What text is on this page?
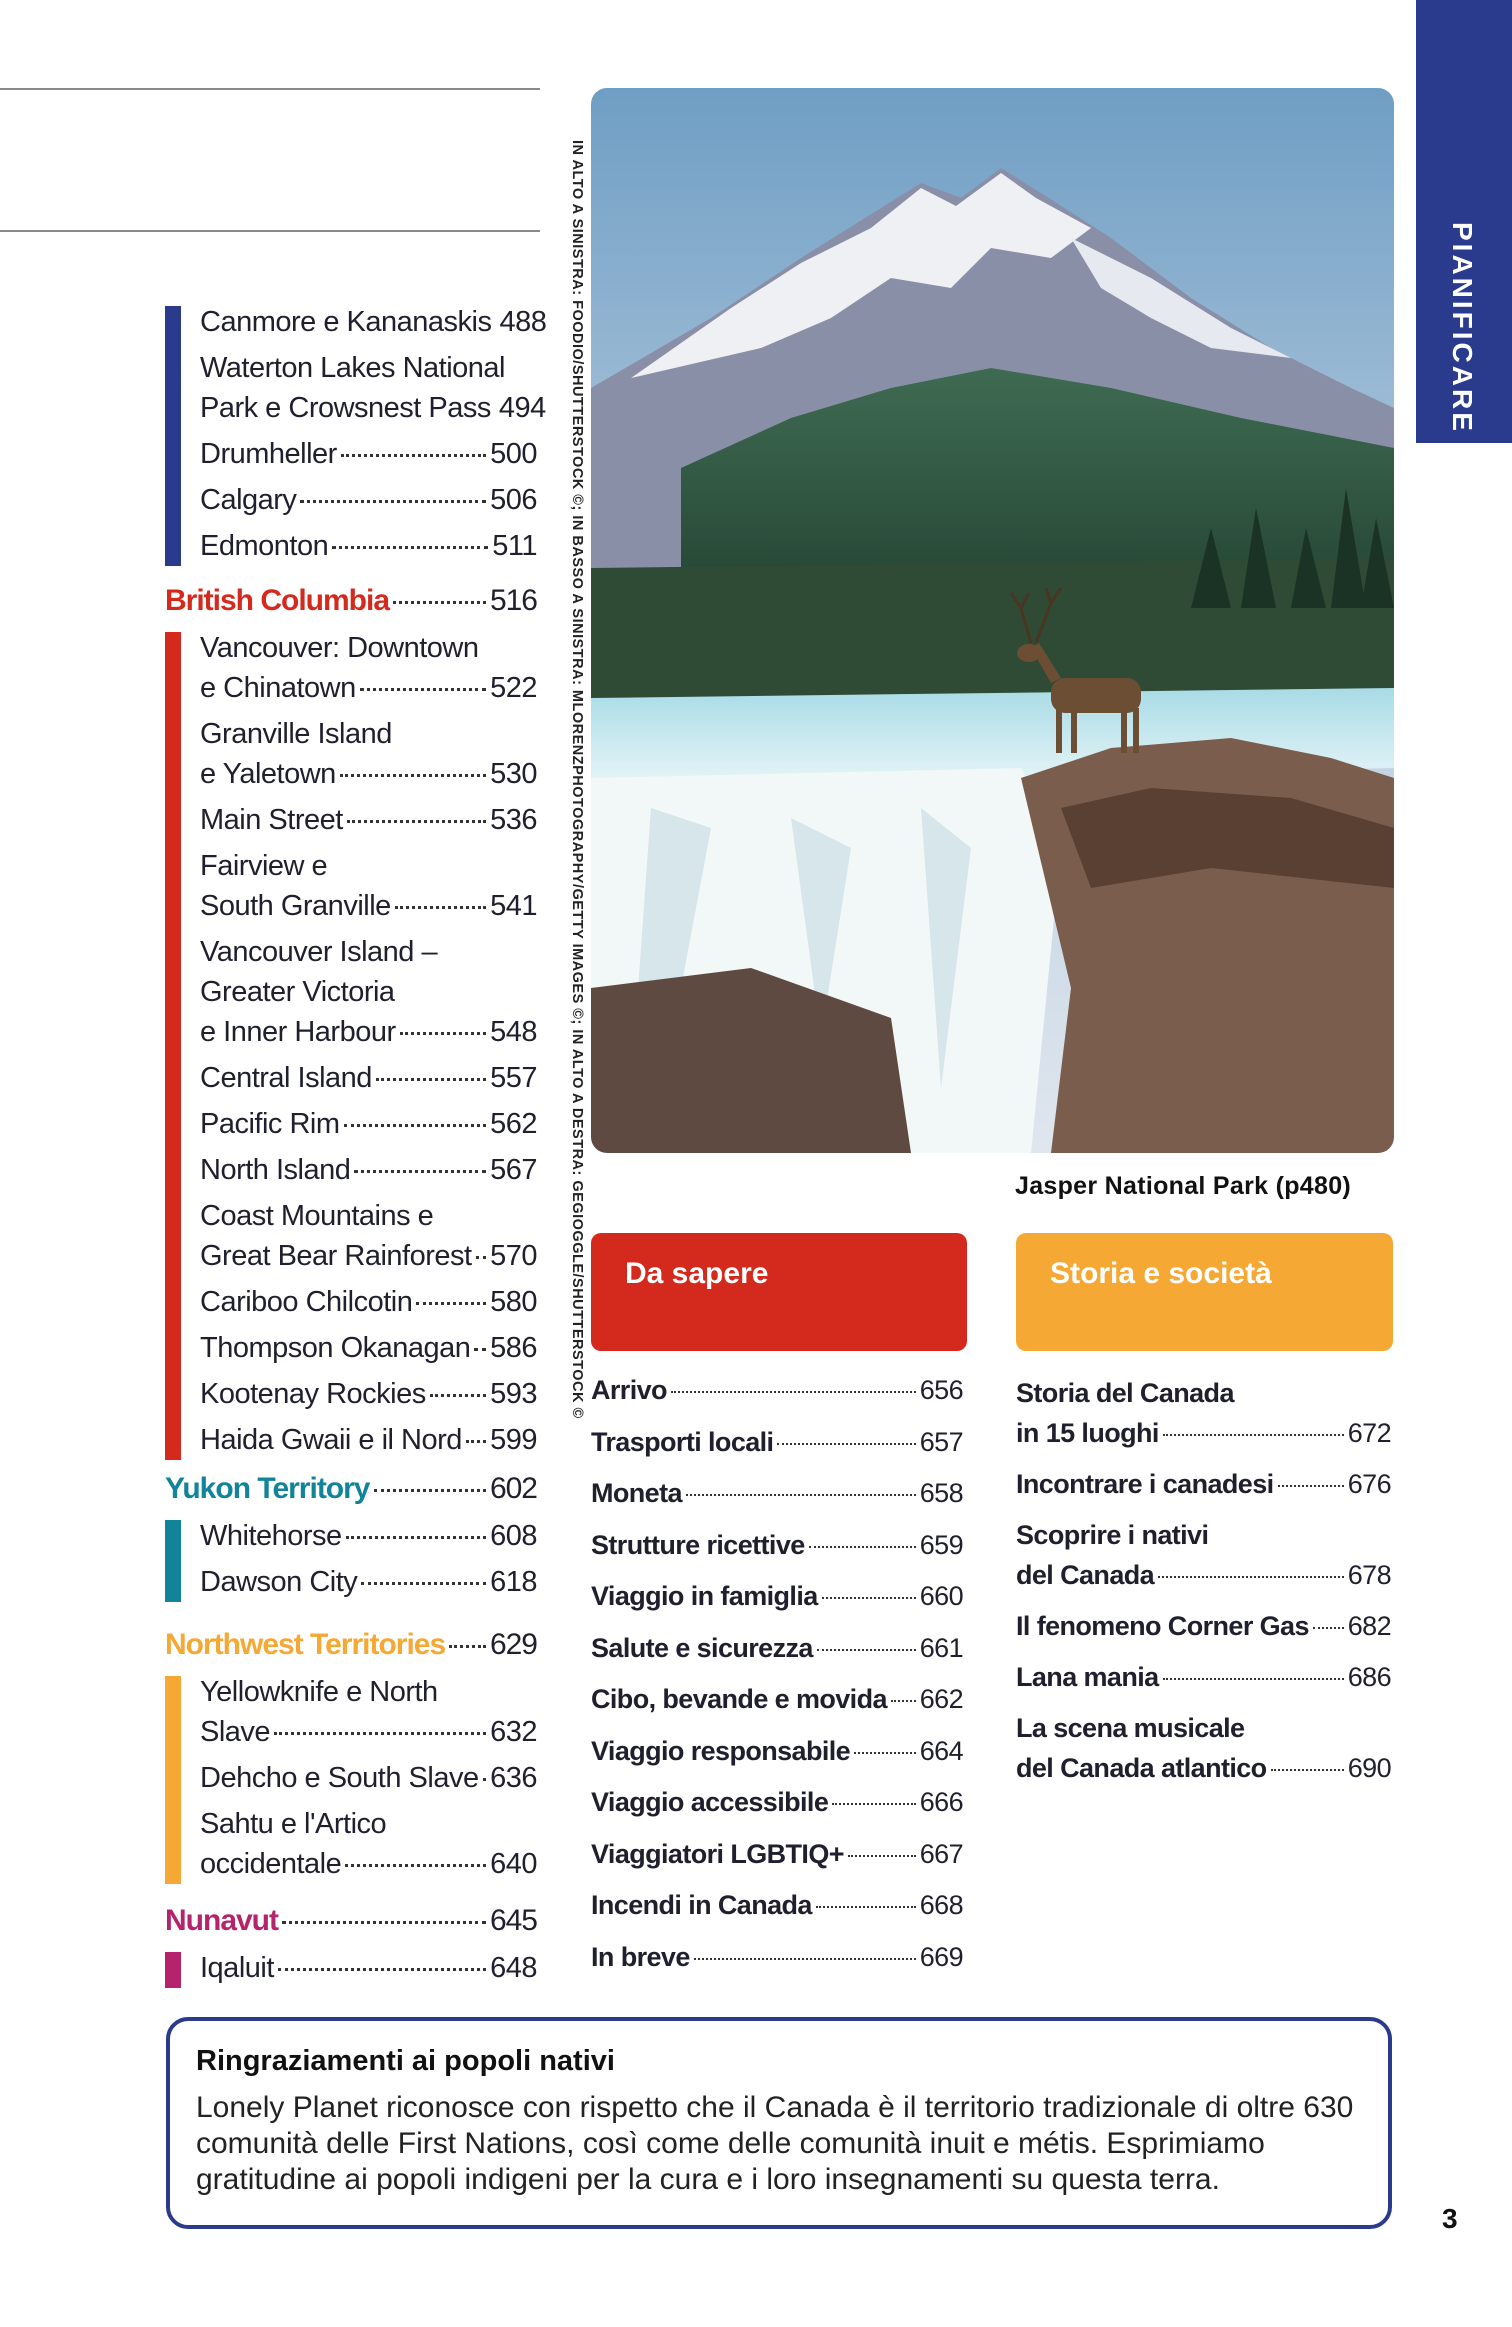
Canmore e Kananaskis 488
Waterton Lakes National
Park e Crowsnest Pass 494
Drumheller	500
Calgary	506
Edmonton	511
British Columbia	516
Vancouver: Downtown
e Chinatown	522
Granville Island
e Yaletown	530
Main Street	536
Fairview e
South Granville	541
Vancouver Island –
Greater Victoria
e Inner Harbour	548
Central Island	557
Pacific Rim	562
North Island	567
Coast Mountains e
Great Bear Rainforest 570
Cariboo Chilcotin	580
Thompson Okanagan 586
Kootenay Rockies 593
Haida Gwaii e il Nord 599
Yukon Territory	602
Whitehorse	608
Dawson City	618
Northwest Territories 629
Yellowknife e North
Slave	632
Dehcho e South Slave 636
Sahtu e l'Artico
occidentale	640
Nunavut	645
Iqaluit	648
IN ALTO A SINISTRA: FOODIO/SHUTTERSTOCK ©; IN BASSO A SINISTRA: MLORENZPHOTOGRAPHY/GETTY IMAGES ©; IN ALTO A DESTRA: GEGIOGGLE/SHUTTERSTOCK ©	Jasper National Park (p480)
Da sapere
Arrivo	656
Trasporti locali	657
Moneta	658
Strutture ricettive	659
Viaggio in famiglia	660
Salute e sicurezza	661
Cibo, bevande e movida 662
Viaggio responsabile	664
Viaggio accessibile	666
Viaggiatori LGBTIQ+	667
Incendi in Canada	668
In breve	669
Storia e società
Storia del Canada
in 15 luoghi	672
Incontrare i canadesi	676
Scoprire i nativi
del Canada	678
Il fenomeno Corner Gas 682
Lana mania	686
La scena musicale
del Canada atlantico	690
PIANIFICARE
Ringraziamenti ai popoli nativi

Lonely Planet riconosce con rispetto che il Canada è il territorio tradizionale di oltre 630 comunità delle First Nations, così come delle comunità inuit e métis. Esprimiamo gratitudine ai popoli indigeni per la cura e i loro insegnamenti su questa terra.

3
